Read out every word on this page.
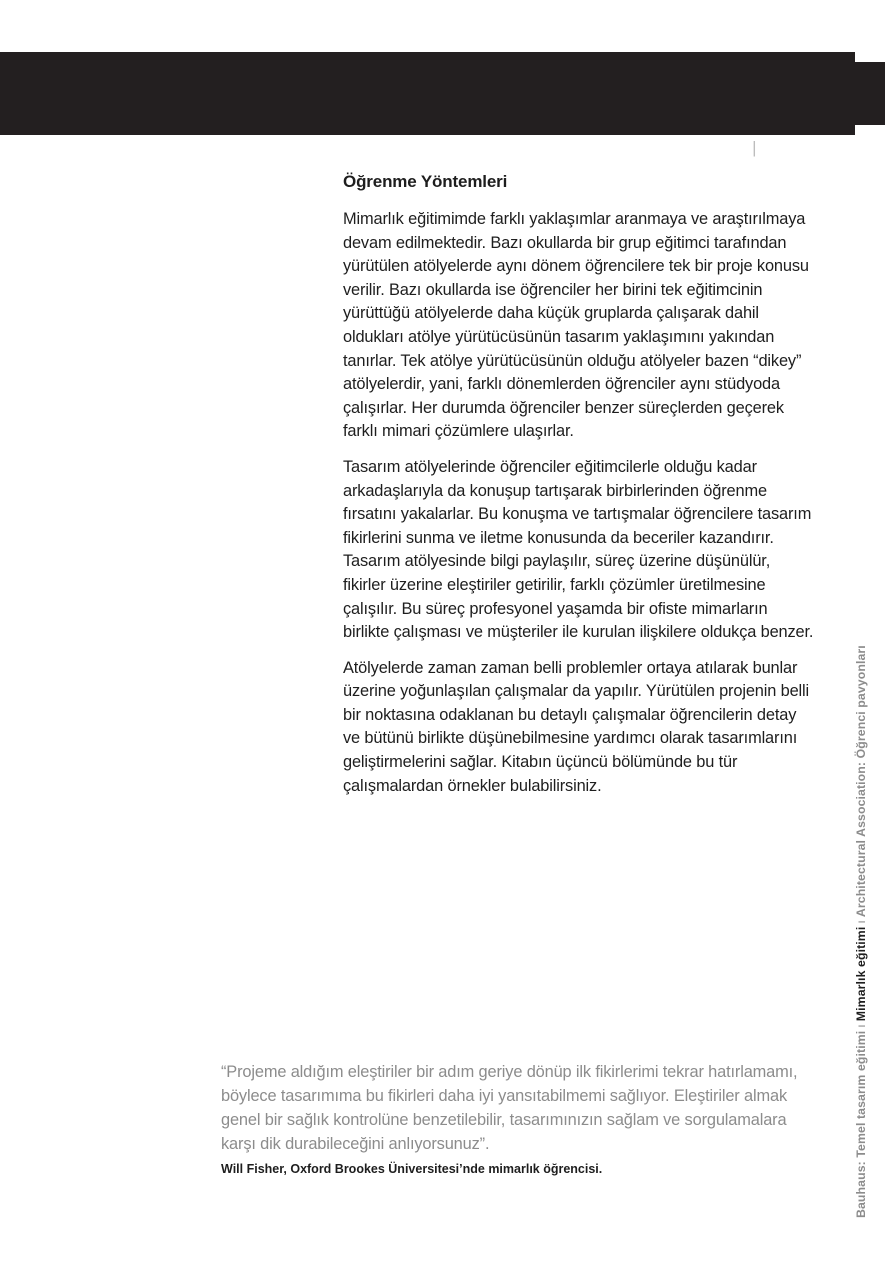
16 | 17
Öğrenme Yöntemleri

Mimarlık eğitimimde farklı yaklaşımlar aranmaya ve araştırılmaya devam edilmektedir. Bazı okullarda bir grup eğitimci tarafından yürütülen atölyelerde aynı dönem öğrencilere tek bir proje konusu verilir. Bazı okullarda ise öğrenciler her birini tek eğitimcinin yürüttüğü atölyelerde daha küçük gruplarda çalışarak dahil oldukları atölye yürütücüsünün tasarım yaklaşımını yakından tanırlar. Tek atölye yürütücüsünün olduğu atölyeler bazen “dikey” atölyelerdir, yani, farklı dönemlerden öğrenciler aynı stüdyoda çalışırlar. Her durumda öğrenciler benzer süreçlerden geçerek farklı mimari çözümlere ulaşırlar.

Tasarım atölyelerinde öğrenciler eğitimcilerle olduğu kadar arkadaşlarıyla da konuşup tartışarak birbirlerinden öğrenme fırsatını yakalarlar. Bu konuşma ve tartışmalar öğrencilere tasarım fikirlerini sunma ve iletme konusunda da beceriler kazandırır. Tasarım atölyesinde bilgi paylaşılır, süreç üzerine düşünülür, fikirler üzerine eleştiriler getirilir, farklı çözümler üretilmesine çalışılır. Bu süreç profesyonel yaşamda bir ofiste mimarların birlikte çalışması ve müşteriler ile kurulan ilişkilere oldukça benzer.

Atölyelerde zaman zaman belli problemler ortaya atılarak bunlar üzerine yoğunlaşılan çalışmalar da yapılır. Yürütülen projenin belli bir noktasına odaklanan bu detaylı çalışmalar öğrencilerin detay ve bütünü birlikte düşünebilmesine yardımcı olarak tasarımlarını geliştirmelerini sağlar. Kitabın üçüncü bölümünde bu tür çalışmalardan örnekler bulabilirsiniz.

“Projeme aldığım eleştiriler bir adım geriye dönüp ilk fikirlerimi tekrar hatırlamamı, böylece tasarımıma bu fikirleri daha iyi yansıtabilmemi sağlıyor. Eleştiriler almak genel bir sağlık kontrolüne benzetilebilir, tasarımınızın sağlam ve sorgulamalara karşı dik durabileceğini anlıyorsunuz”.

Will Fisher, Oxford Brookes Üniversitesi’nde mimarlık öğrencisi.	Bauhaus: Temel tasarım eğitimiıMimarlık eğitimiıArchitectural Association: Öğrenci pavyonları
